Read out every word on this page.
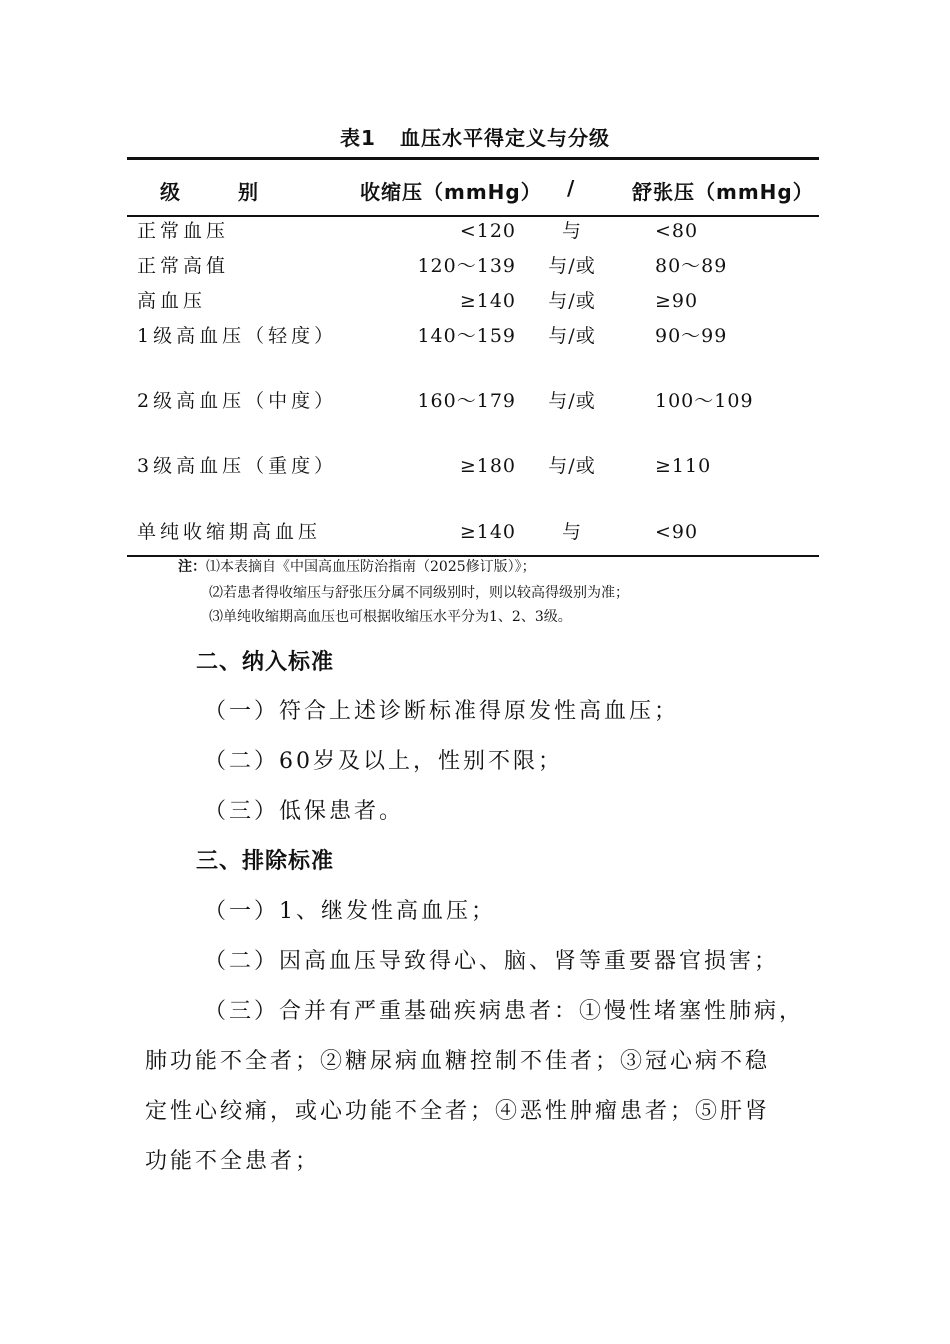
表1 血压水平得定义与分级
级　　别	收缩压（mmHg） /	舒张压（mmHg）
正常血压	<120	与	<80
正常高值	120～139	与/或	80～89
高血压	≥140	与/或	≥90
1级高血压（轻度）	140～159	与/或	90～99
2级高血压（中度）	160～179	与/或	100～109
3级高血压（重度）	≥180	与/或	≥110
单纯收缩期高血压	≥140	与	<90
注：⑴本表摘自《中国高血压防治指南（2025修订版）》；
⑵若患者得收缩压与舒张压分属不同级别时，则以较高得级别为准；
⑶单纯收缩期高血压也可根据收缩压水平分为1、2、3级。
二、纳入标准
（一）符合上述诊断标准得原发性高血压；
（二）60岁及以上，性别不限；
（三）低保患者。
三、排除标准
（一）1、继发性高血压；
（二）因高血压导致得心、脑、肾等重要器官损害；
（三）合并有严重基础疾病患者：①慢性堵塞性肺病，
肺功能不全者；②糖尿病血糖控制不佳者；③冠心病不稳
定性心绞痛，或心功能不全者；④恶性肿瘤患者；⑤肝肾
功能不全患者；
